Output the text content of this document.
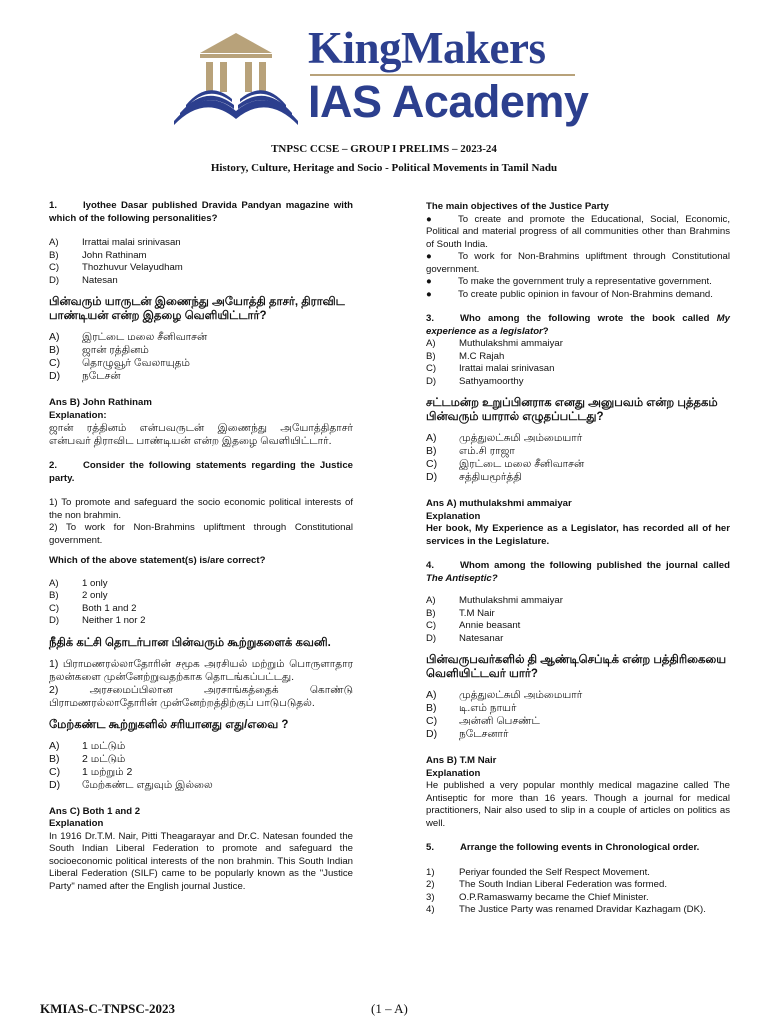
KingMakers
IAS Academy
TNPSC CCSE – GROUP I PRELIMS – 2023-24
History, Culture, Heritage and Socio - Political Movements in Tamil Nadu

1.	Iyothee Dasar published Dravida Pandyan magazine with which of the following personalities?

A)	Irrattai malai srinivasan
B)	John Rathinam
C)	Thozhuvur Velayudham
D)	Natesan

பின்வரும் யாருடன் இணைந்து அயோத்தி தாசர், திராவிட பாண்டியன் என்ற இதழை வெளியிட்டார்?

A)	இரட்டை மலை சீனிவாசன்
B)	ஜான் ரத்தினம்
C)	தொழுவூர் வேலாயுதம்
D)	நடேசன்

Ans B) John Rathinam

Explanation:

ஜான் ரத்தினம் என்பவருடன் இணைந்து அயோத்திதாசர் என்பவர் திராவிட பாண்டியன் என்ற இதழை வெளியிட்டார்.

2.	Consider the following statements regarding the Justice party.

1) To promote and safeguard the socio economic political interests of the non brahmin.

2) To work for Non-Brahmins upliftment through Constitutional government.

Which of the above statement(s) is/are correct?

A)	1 only
B)	2 only
C)	Both 1 and 2
D)	Neither 1 nor 2

நீதிக் கட்சி தொடர்பான பின்வரும் கூற்றுகளைக் கவனி.

1) பிராமணரல்லாதோரின் சமூக அரசியல் மற்றும் பொருளாதார நலன்களை முன்னேற்றுவதற்காக தொடங்கப்பட்டது.

2) அரசமைப்பிலான அரசாங்கத்தைக் கொண்டு பிராமணரல்லாதோரின் முன்னேற்றத்திற்குப் பாடுபடுதல்.

மேற்கண்ட கூற்றுகளில் சரியானது எது/எவை ?

A)	1 மட்டும்
B)	2 மட்டும்
C)	1 மற்றும் 2
D)	மேற்கண்ட எதுவும் இல்லை

Ans C) Both 1 and 2

Explanation

In 1916 Dr.T.M. Nair, Pitti Theagarayar and Dr.C. Natesan founded the South Indian Liberal Federation to promote and safeguard the socioeconomic political interests of the non brahmin. This South Indian Liberal Federation (SILF) came to be popularly known as the "Justice Party" named after the English journal Justice.

The main objectives of the Justice Party

●	To create and promote the Educational, Social, Economic, Political and material progress of all communities other than Brahmins of South India.

●	To work for Non-Brahmins upliftment through Constitutional government.

●	To make the government truly a representative government.

●	To create public opinion in favour of Non-Brahmins demand.

3.	Who among the following wrote the book called My experience as a legislator?

A)	Muthulakshmi ammaiyar
B)	M.C Rajah
C)	Irattai malai srinivasan
D)	Sathyamoorthy

சட்டமன்ற உறுப்பினராக எனது அனுபவம் என்ற புத்தகம் பின்வரும் யாரால் எழுதப்பட்டது?

A)	முத்துலட்சுமி அம்மையார்
B)	எம்.சி ராஜா
C)	இரட்டை மலை சீனிவாசன்
D)	சத்தியமூர்த்தி

Ans A) muthulakshmi ammaiyar

Explanation

Her book, My Experience as a Legislator, has recorded all of her services in the Legislature.

4.	Whom among the following published the journal called The Antiseptic?

A)	Muthulakshmi ammaiyar
B)	T.M Nair
C)	Annie beasant
D)	Natesanar

பின்வருபவர்களில் தி ஆண்டிசெப்டிக் என்ற பத்திரிகையை வெளியிட்டவர் யார்?

A)	முத்துலட்சுமி அம்மையார்
B)	டி.எம் நாயர்
C)	அன்னி பெசண்ட்
D)	நடேசனார்

Ans B) T.M Nair

Explanation

He published a very popular monthly medical magazine called The Antiseptic for more than 16 years. Though a journal for medical practitioners, Nair also used to slip in a couple of articles on politics as well.

5.	Arrange the following events in Chronological order.

1)	Periyar founded the Self Respect Movement.
2)	The South Indian Liberal Federation was formed.
3)	O.P.Ramaswamy became the Chief Minister.
4)	The Justice Party was renamed Dravidar Kazhagam (DK).
KMIAS-C-TNPSC-2023	(1 – A)
